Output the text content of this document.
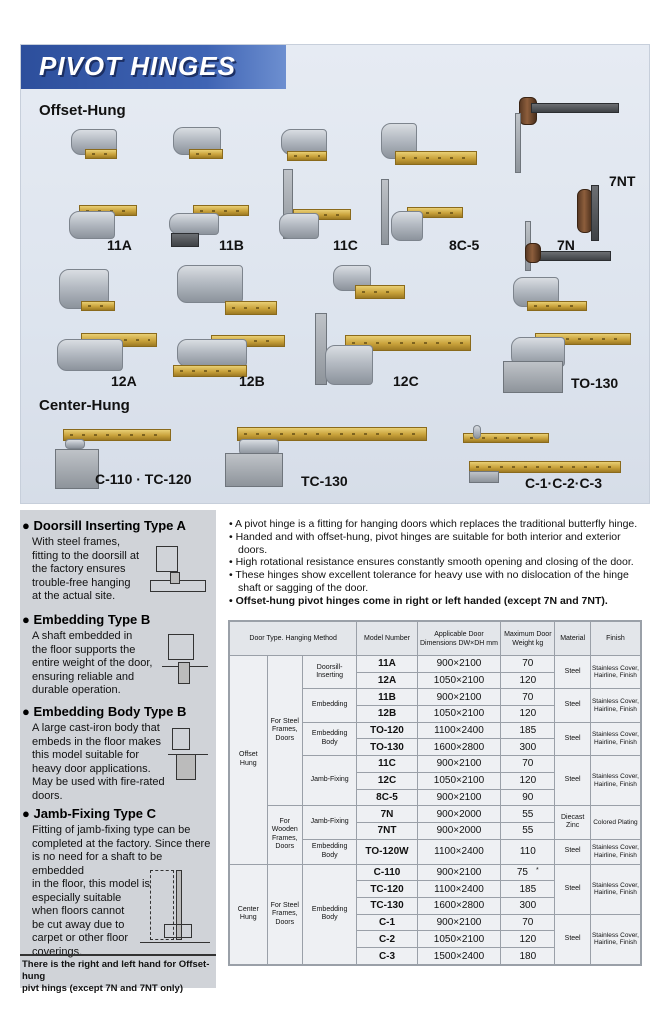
PIVOT HINGES
Offset-Hung
Center-Hung
11A	11B	11C	8C-5	7N
7NT
12A	12B	12C	TO-130
C-110 · TC-120	TC-130	C-1·C-2·C-3
● Doorsill Inserting Type A
With steel frames,
fitting to the doorsill at
the factory ensures
trouble-free hanging
at the actual site.
● Embedding Type B
A shaft embedded in
the floor supports the
entire weight of the door,
ensuring reliable and
durable operation.
● Embedding Body Type B
A large cast-iron body that
embeds in the floor makes
this model suitable for
heavy door applications.
May be used with fire-rated
doors.
● Jamb-Fixing Type C
Fitting of jamb-fixing type can be
completed at the factory. Since there
is no need for a shaft to be embedded
in the floor, this model is
especially suitable
when floors cannot
be cut away due to
carpet or other floor
coverings.
There is the right and left hand for Offset-hung
pivt hings (except 7N and 7NT only)
• A pivot hinge is a fitting for hanging doors which replaces the traditional butterfly hinge.
• Handed and with offset-hung, pivot hinges are suitable for both interior and exterior doors.
• High rotational resistance ensures constantly smooth opening and closing of the door.
• These hinges show excellent tolerance for heavy use with no dislocation of the hinge shaft or sagging of the door.
• Offset-hung pivot hinges come in right or left handed (except 7N and 7NT).
Door Type. Hanging Method			Model Number	Applicable Door Dimensions DW×DH mm	Maximum Door Weight kg	Material	Finish
Offset Hung	For Steel Frames, Doors	Doorsill- Inserting	11A	900×2100	70	Steel	Stainless Cover, Hairline, Finish
			12A	1050×2100	120		
		Embedding	11B	900×2100	70	Steel	Stainless Cover, Hairline, Finish
			12B	1050×2100	120		
		Embedding Body	TO-120	1100×2400	185	Steel	Stainless Cover, Hairline, Finish
			TO-130	1600×2800	300		
		Jamb-Fixing	11C	900×2100	70	Steel	Stainless Cover, Hairline, Finish
			12C	1050×2100	120		
			8C-5	900×2100	90		
	For Wooden Frames, Doors	Jamb-Fixing	7N	900×2000	55	Diecast Zinc	Colored Plating
			7NT	900×2000	55		
		Embedding Body	TO-120W	1100×2400	110	Steel	Stainless Cover, Hairline, Finish
Center Hung	For Steel Frames, Doors	Embedding Body	C-110	900×2100	75 *	Steel	Stainless Cover, Hairline, Finish
			TC-120	1100×2400	185		
			TC-130	1600×2800	300		
			C-1	900×2100	70	Steel	Stainless Cover, Hairline, Finish
			C-2	1050×2100	120		
			C-3	1500×2400	180		
